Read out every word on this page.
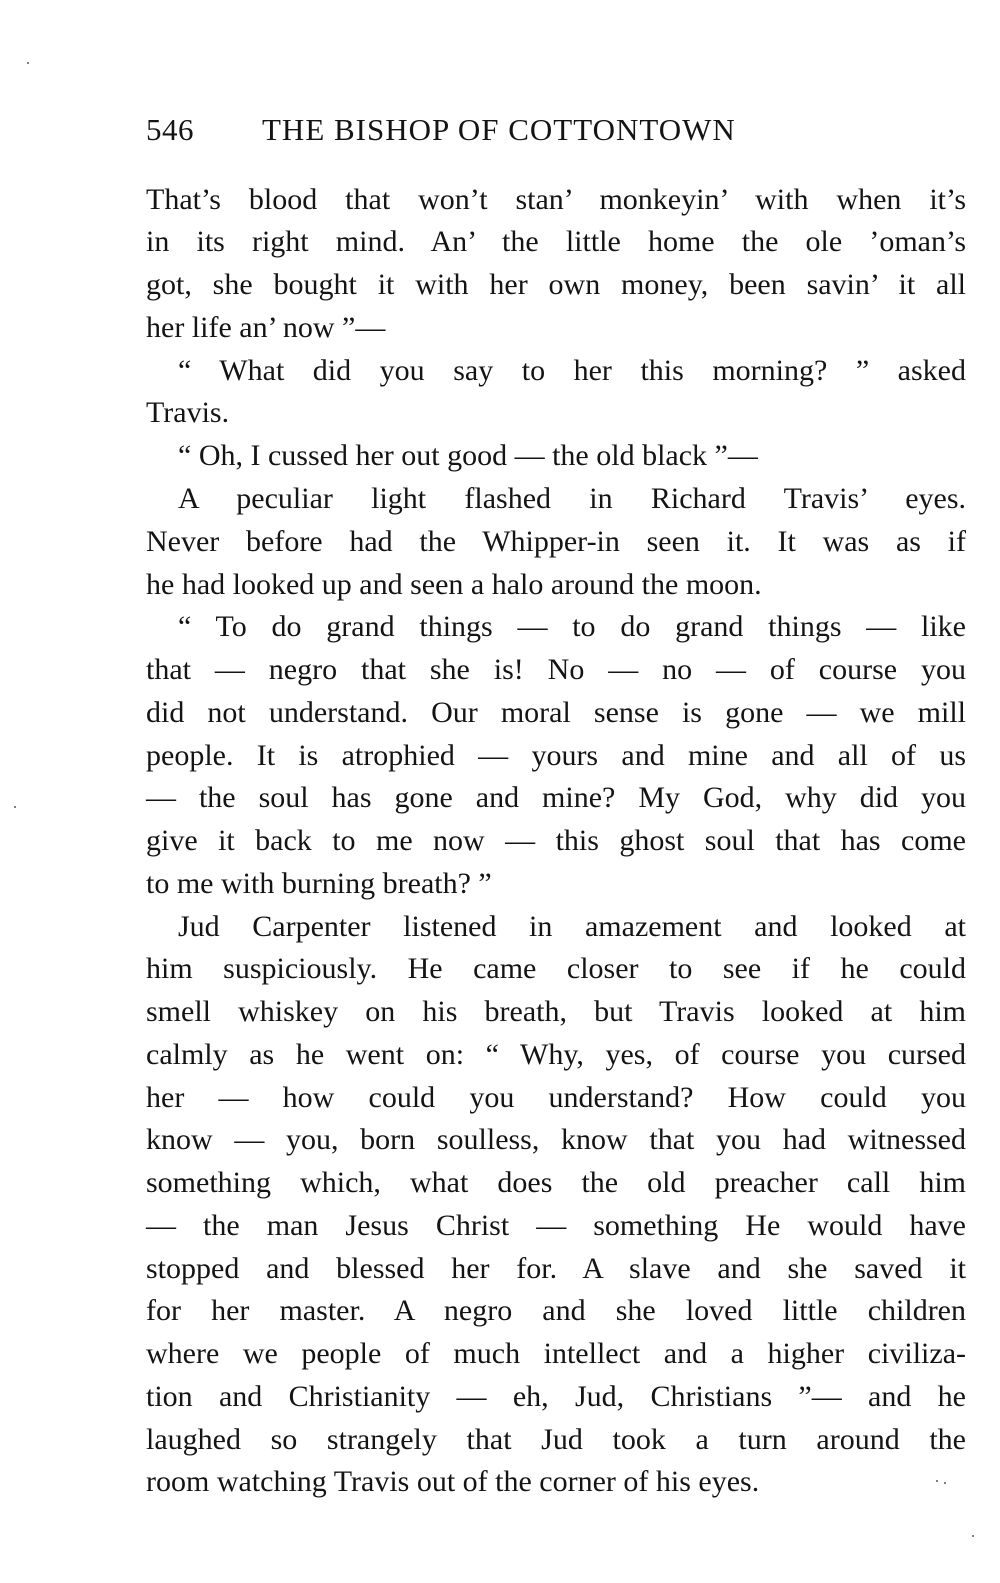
546 THE BISHOP OF COTTONTOWN
That’s blood that won’t stan’ monkeyin’ with when it’s
in its right mind. An’ the little home the ole ’oman’s
got, she bought it with her own money, been savin’ it all
her life an’ now ”—
“ What did you say to her this morning? ” asked
Travis.
“ Oh, I cussed her out good — the old black ”—
A peculiar light flashed in Richard Travis’ eyes.
Never before had the Whipper-in seen it. It was as if
he had looked up and seen a halo around the moon.
“ To do grand things — to do grand things — like
that — negro that she is! No — no — of course you
did not understand. Our moral sense is gone — we mill
people. It is atrophied — yours and mine and all of us
— the soul has gone and mine? My God, why did you
give it back to me now — this ghost soul that has come
to me with burning breath? ”
Jud Carpenter listened in amazement and looked at
him suspiciously. He came closer to see if he could
smell whiskey on his breath, but Travis looked at him
calmly as he went on: “ Why, yes, of course you cursed
her — how could you understand? How could you
know — you, born soulless, know that you had witnessed
something which, what does the old preacher call him
— the man Jesus Christ — something He would have
stopped and blessed her for. A slave and she saved it
for her master. A negro and she loved little children
where we people of much intellect and a higher civiliza-
tion and Christianity — eh, Jud, Christians ”— and he
laughed so strangely that Jud took a turn around the
room watching Travis out of the corner of his eyes.
